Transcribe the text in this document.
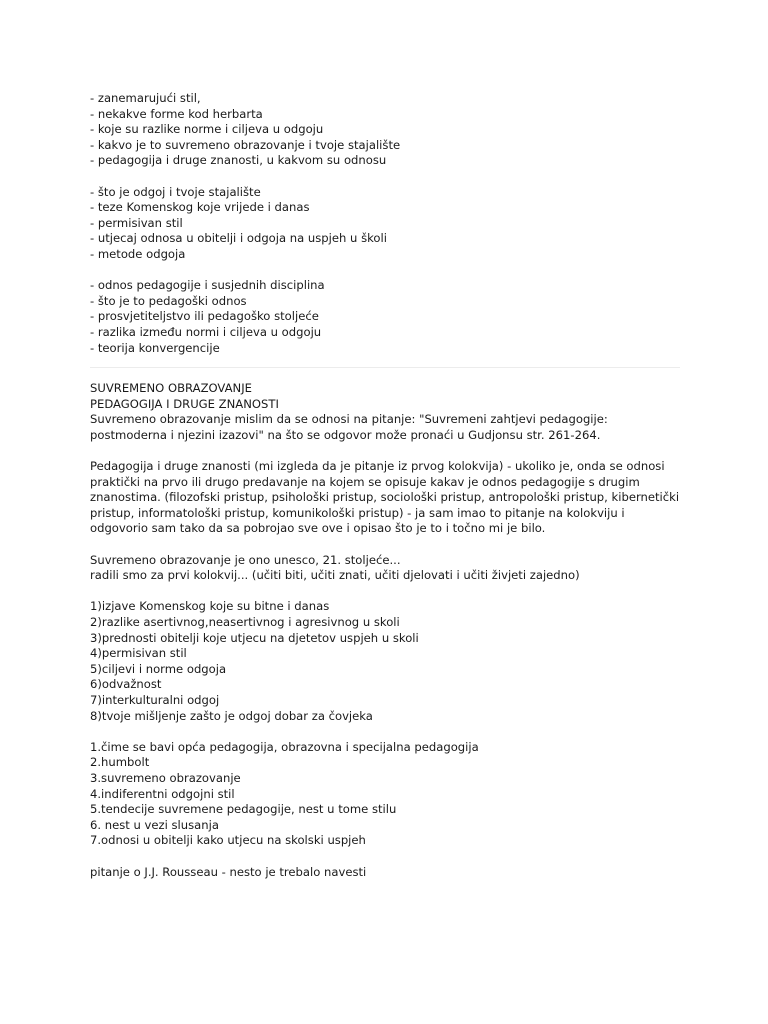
- zanemarujući stil,
- nekakve forme kod herbarta
- koje su razlike norme i ciljeva u odgoju
- kakvo je to suvremeno obrazovanje i tvoje stajalište
- pedagogija i druge znanosti, u kakvom su odnosu
- što je odgoj i tvoje stajalište
- teze Komenskog koje vrijede i danas
- permisivan stil
- utjecaj odnosa u obitelji i odgoja na uspjeh u školi
- metode odgoja
- odnos pedagogije i susjednih disciplina
- što je to pedagoški odnos
- prosvjetiteljstvo ili pedagoško stoljeće
- razlika između normi i ciljeva u odgoju
- teorija konvergencije
SUVREMENO OBRAZOVANJE
PEDAGOGIJA I DRUGE ZNANOSTI
Suvremeno obrazovanje mislim da se odnosi na pitanje: "Suvremeni zahtjevi pedagogije: postmoderna i njezini izazovi" na što se odgovor može pronaći u Gudjonsu str. 261-264.
Pedagogija i druge znanosti (mi izgleda da je pitanje iz prvog kolokvija) - ukoliko je, onda se odnosi praktički na prvo ili drugo predavanje na kojem se opisuje kakav je odnos pedagogije s drugim znanostima. (filozofski pristup, psihološki pristup, sociološki pristup, antropološki pristup, kibernetički pristup, informatološki pristup, komunikološki pristup) - ja sam imao to pitanje na kolokviju i odgovorio sam tako da sa pobrojao sve ove i opisao što je to i točno mi je bilo.
Suvremeno obrazovanje je ono unesco, 21. stoljeće...
radili smo za prvi kolokvij... (učiti biti, učiti znati, učiti djelovati i učiti živjeti zajedno)
1)izjave Komenskog koje su bitne i danas
2)razlike asertivnog,neasertivnog i agresivnog u skoli
3)prednosti obitelji koje utjecu na djetetov uspjeh u skoli
4)permisivan stil
5)ciljevi i norme odgoja
6)odvažnost
7)interkulturalni odgoj
8)tvoje mišljenje zašto je odgoj dobar za čovjeka
1.čime se bavi opća pedagogija, obrazovna i specijalna pedagogija
2.humbolt
3.suvremeno obrazovanje
4.indiferentni odgojni stil
5.tendecije suvremene pedagogije, nest u tome stilu
6. nest u vezi slusanja
7.odnosi u obitelji kako utjecu na skolski uspjeh
pitanje o J.J. Rousseau - nesto je trebalo navesti
